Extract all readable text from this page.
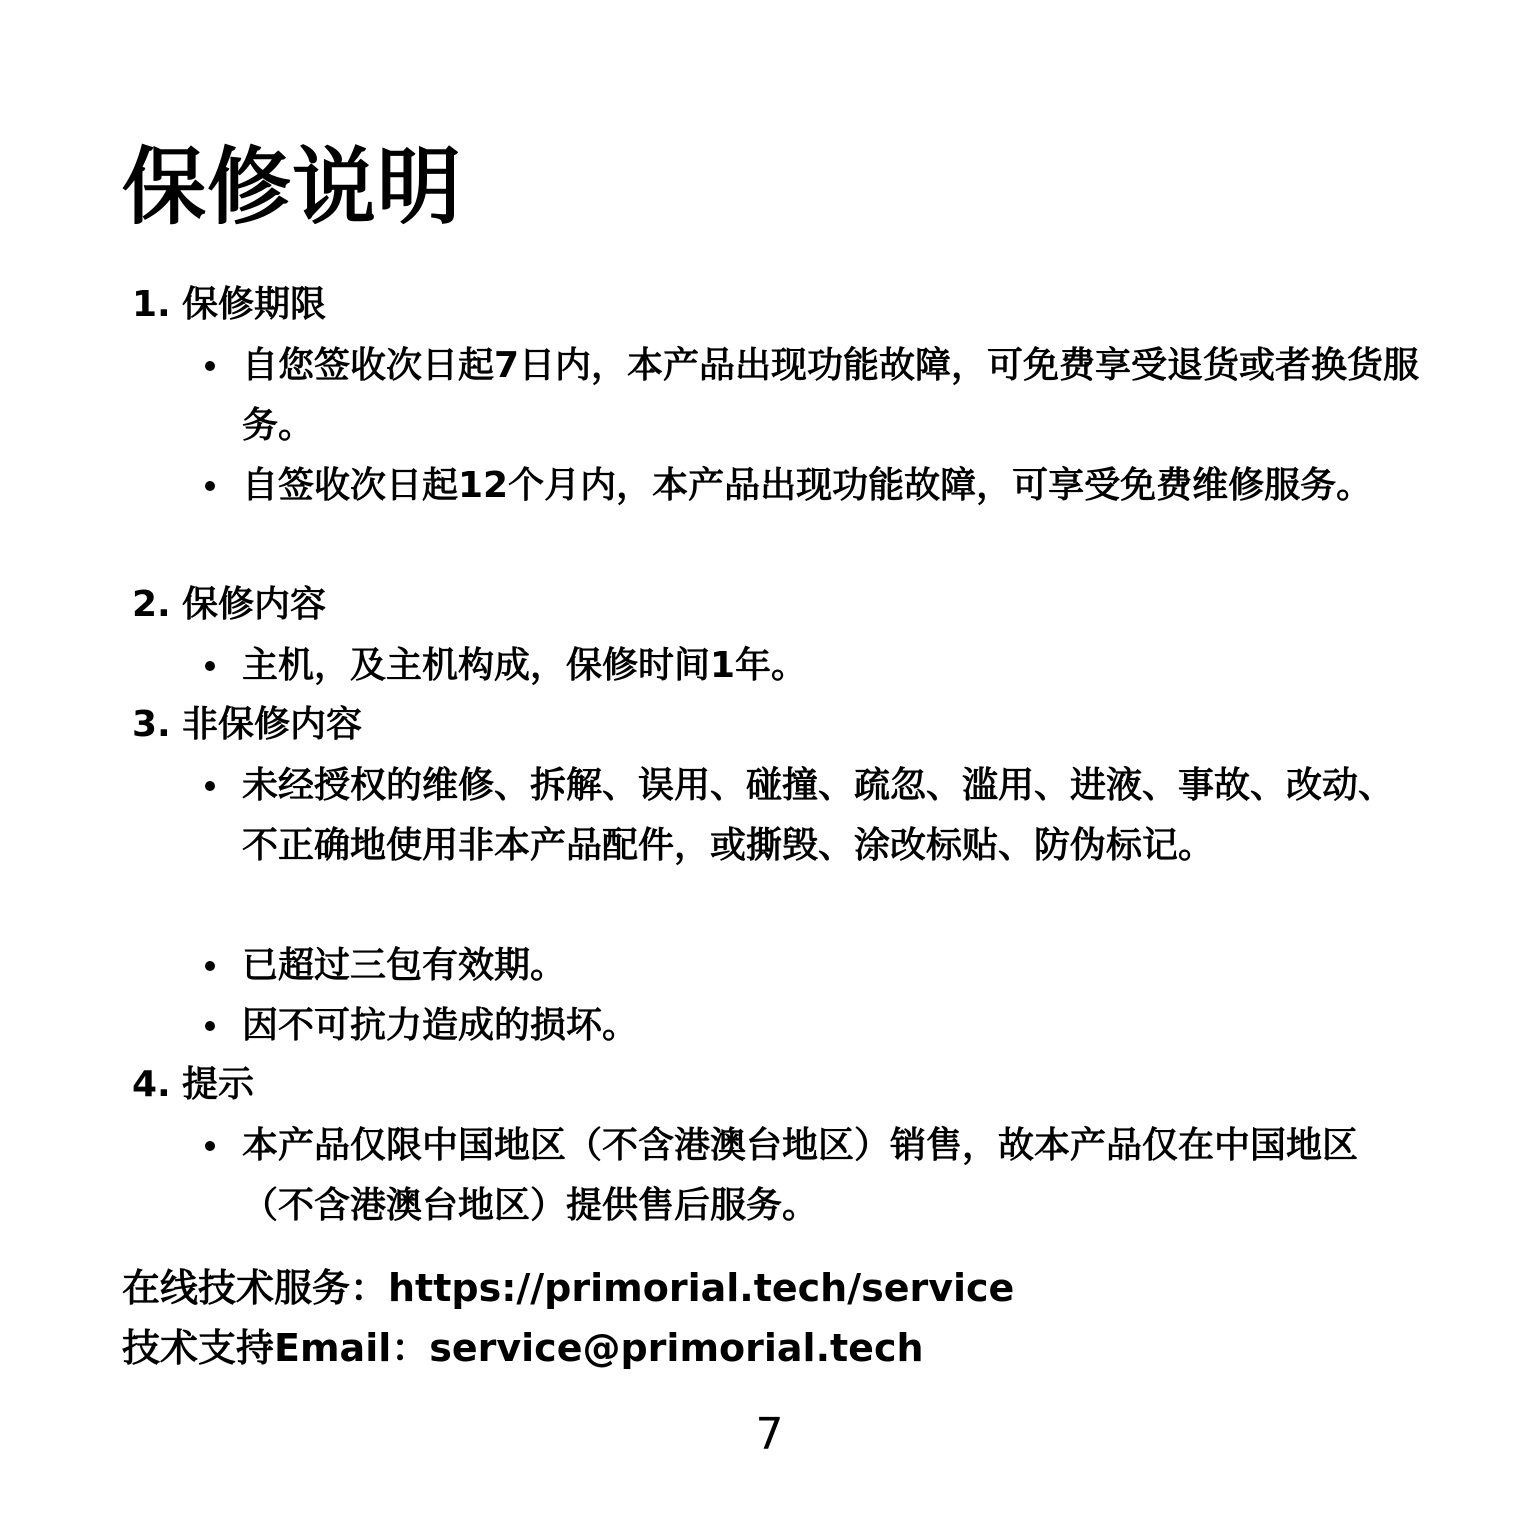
保修说明
1. 保修期限
自您签收次日起7日内，本产品出现功能故障，可免费享受退货或者换货服务。
自签收次日起12个月内，本产品出现功能故障，可享受免费维修服务。
2. 保修内容
主机，及主机构成，保修时间1年。
3. 非保修内容
未经授权的维修、拆解、误用、碰撞、疏忽、滥用、进液、事故、改动、不正确地使用非本产品配件，或撕毁、涂改标贴、防伪标记。
已超过三包有效期。
因不可抗力造成的损坏。
4. 提示
本产品仅限中国地区（不含港澳台地区）销售，故本产品仅在中国地区（不含港澳台地区）提供售后服务。
在线技术服务：https://primorial.tech/service
技术支持Email：service@primorial.tech
7
